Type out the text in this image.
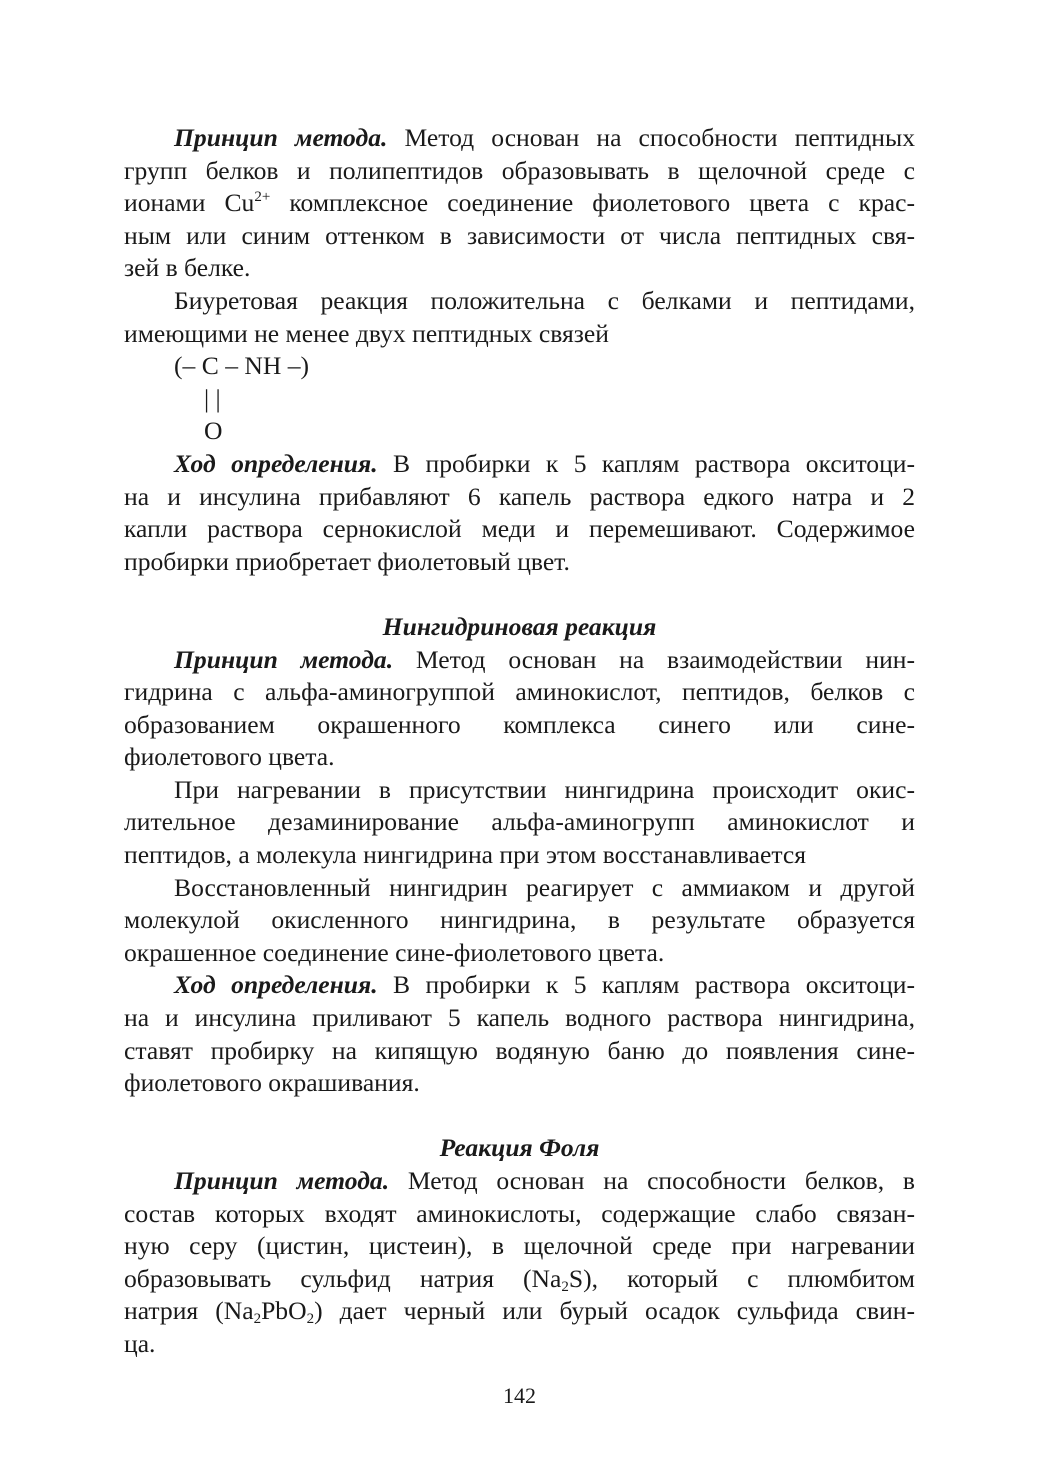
Принцип метода. Метод основан на способности пептидных
групп белков и полипептидов образовывать в щелочной среде с
ионами $Cu^{2+}$ комплексное соединение фиолетового цвета с крас-
ным или синим оттенком в зависимости от числа пептидных свя-
зей в белке.
Биуретовая реакция положительна с белками и пептидами,
имеющими не менее двух пептидных связей
(– C – NH –)
| |
O
Ход определения. В пробирки к 5 каплям раствора окситоци-
на и инсулина прибавляют 6 капель раствора едкого натра и 2
капли раствора сернокислой меди и перемешивают. Содержимое
пробирки приобретает фиолетовый цвет.
Нингидриновая реакция
Принцип метода. Метод основан на взаимодействии нин-
гидрина с альфа-аминогруппой аминокислот, пептидов, белков с
образованием окрашенного комплекса синего или сине-
фиолетового цвета.
При нагревании в присутствии нингидрина происходит окис-
лительное дезаминирование альфа-аминогрупп аминокислот и
пептидов, а молекула нингидрина при этом восстанавливается
Восстановленный нингидрин реагирует с аммиаком и другой
молекулой окисленного нингидрина, в результате образуется
окрашенное соединение сине-фиолетового цвета.
Ход определения. В пробирки к 5 каплям раствора окситоци-
на и инсулина приливают 5 капель водного раствора нингидрина,
ставят пробирку на кипящую водяную баню до появления сине-
фиолетового окрашивания.
Реакция Фоля
Принцип метода. Метод основан на способности белков, в
состав которых входят аминокислоты, содержащие слабо связан-
ную серу (цистин, цистеин), в щелочной среде при нагревании
образовывать сульфид натрия $(Na_2S)$, который с плюмбитом
натрия $(Na_2PbO_2)$ дает черный или бурый осадок сульфида свин-
ца.
142
